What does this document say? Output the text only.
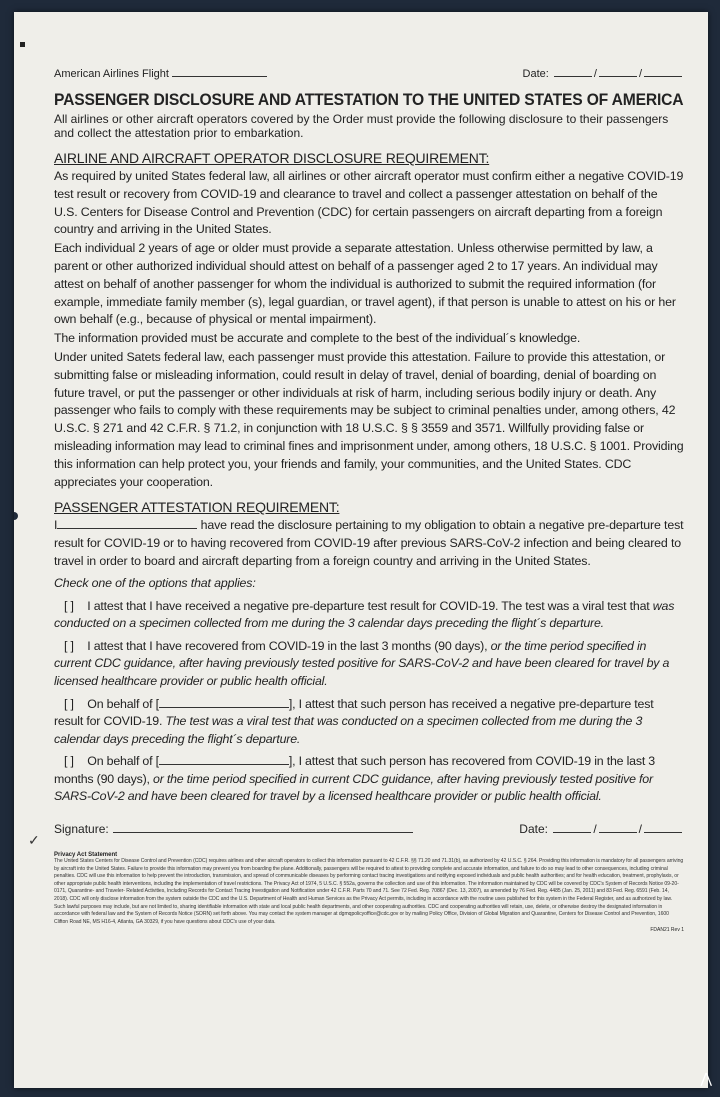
✓
American Airlines Flight	Date:	/	/
PASSENGER DISCLOSURE AND ATTESTATION TO THE UNITED STATES OF AMERICA
All airlines or other aircraft operators covered by the Order must provide the following disclosure to their passengers and collect the attestation prior to embarkation.
AIRLINE AND AIRCRAFT OPERATOR DISCLOSURE REQUIREMENT:

As required by united States federal law, all airlines or other aircraft operator must confirm either a negative COVID-19 test result or recovery from COVID-19 and clearance to travel and collect a passenger attestation on behalf of the U.S. Centers for Disease Control and Prevention (CDC) for certain passengers on aircraft departing from a foreign country and arriving in the United States.

Each individual 2 years of age or older must provide a separate attestation. Unless otherwise permitted by law, a parent or other authorized individual should attest on behalf of a passenger aged 2 to 17 years. An individual may attest on behalf of another passenger for whom the individual is authorized to submit the required information (for example, immediate family member (s), legal guardian, or travel agent), if that person is unable to attest on his or her own behalf (e.g., because of physical or mental impairment).

The information provided must be accurate and complete to the best of the individual´s knowledge.

Under united Satets federal law, each passenger must provide this attestation. Failure to provide this attestation, or submitting false or misleading information, could result in delay of travel, denial of boarding, denial of boarding on future travel, or put the passenger or other individuals at risk of harm, including serious bodily injury or death. Any passenger who fails to comply with these requirements may be subject to criminal penalties under, among others, 42 U.S.C. § 271 and 42 C.F.R. § 71.2, in conjunction with 18 U.S.C. § § 3559 and 3571. Willfully providing false or misleading information may lead to criminal fines and imprisonment under, among others, 18 U.S.C. § 1001. Providing this information can help protect you, your friends and family, your communities, and the United States. CDC appreciates your cooperation.

PASSENGER ATTESTATION REQUIREMENT:

I	have read the disclosure pertaining to my obligation to obtain a negative pre-departure test result for COVID-19 or to having recovered from COVID-19 after previous SARS-CoV-2 infection and being cleared to travel in order to board and aircraft departing from a foreign country and arriving in the United States.

Check one of the options that applies:

[ ] I attest that I have received a negative pre-departure test result for COVID-19. The test was a viral test that was conducted on a specimen collected from me during the 3 calendar days preceding the flight´s departure.

[ ] I attest that I have recovered from COVID-19 in the last 3 months (90 days), or the time period specified in current CDC guidance, after having previously tested positive for SARS-CoV-2 and have been cleared for travel by a licensed healthcare provider or public health official.

[ ] On behalf of [	], I attest that such person has received a negative pre-departure test result for COVID-19. The test was a viral test that was conducted on a specimen collected from me during the 3 calendar days preceding the flight´s departure.

[ ] On behalf of [	], I attest that such person has recovered from COVID-19 in the last 3 months (90 days), or the time period specified in current CDC guidance, after having previously tested positive for SARS-CoV-2 and have been cleared for travel by a licensed healthcare provider or public health official.

Signature:	Date:	/	/
Privacy Act Statement
The United States Centers for Disease Control and Prevention (CDC) requires airlines and other aircraft operators to collect this information pursuant to 42 C.F.R. §§ 71.20 and 71.31(b), as authorized by 42 U.S.C. § 264. Providing this information is mandatory for all passengers arriving by aircraft into the United States. Failure to provide this information may prevent you from boarding the plane. Additionally, passengers will be required to attest to providing complete and accurate information, and failure to do so may lead to other consequences, including criminal penalties. CDC will use this information to help prevent the introduction, transmission, and spread of communicable diseases by performing contact tracing investigations and notifying exposed individuals and public health authorities; and for health education, treatment, prophylaxis, or other appropriate public health interventions, including the implementation of travel restrictions. The Privacy Act of 1974, 5 U.S.C. § 552a, governs the collection and use of this information. The information maintained by CDC will be covered by CDC's System of Records Notice 09-20-0171, Quarantine- and Traveler- Related Activities, Including Records for Contact Tracing Investigation and Notification under 42 C.F.R. Parts 70 and 71. See 72 Fed. Reg. 70867 (Dec. 13, 2007), as amended by 76 Fed. Reg. 4485 (Jan. 25, 2011) and 83 Fed. Reg. 6591 (Feb. 14, 2018). CDC will only disclose information from the system outside the CDC and the U.S. Department of Health and Human Services as the Privacy Act permits, including in accordance with the routine uses published for this system in the Federal Register, and as authorized by law. Such lawful purposes may include, but are not limited to, sharing identifiable information with state and local public health departments, and other cooperating authorities. CDC and cooperating authorities will retain, use, delete, or otherwise destroy the designated information in accordance with federal law and the System of Records Notice (SORN) set forth above. You may contact the system manager at dgmqpolicyoffice@cdc.gov or by mailing Policy Office, Division of Global Migration and Quarantine, Centers for Disease Control and Prevention, 1600 Clifton Road NE, MS H16-4, Atlanta, GA 30329, if you have questions about CDC's use of your data.
FDAN21 Rev 1
⋀
